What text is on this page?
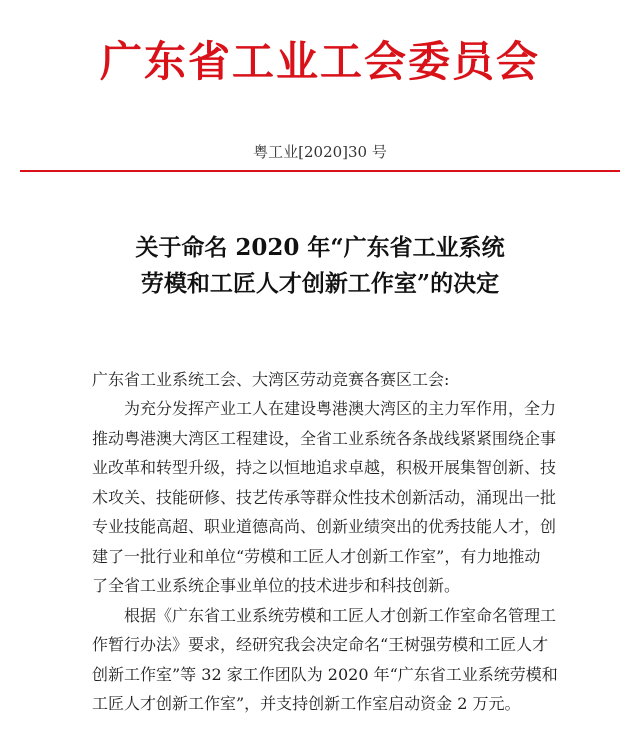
广东省工业工会委员会
粤工业[2020]30 号
关于命名 2020 年“广东省工业系统
劳模和工匠人才创新工作室”的决定
广东省工业系统工会、大湾区劳动竞赛各赛区工会:
为充分发挥产业工人在建设粤港澳大湾区的主力军作用，全力
推动粤港澳大湾区工程建设，全省工业系统各条战线紧紧围绕企事
业改革和转型升级，持之以恒地追求卓越，积极开展集智创新、技
术攻关、技能研修、技艺传承等群众性技术创新活动，涌现出一批
专业技能高超、职业道德高尚、创新业绩突出的优秀技能人才，创
建了一批行业和单位“劳模和工匠人才创新工作室”，有力地推动
了全省工业系统企事业单位的技术进步和科技创新。
根据《广东省工业系统劳模和工匠人才创新工作室命名管理工
作暂行办法》要求，经研究我会决定命名“王树强劳模和工匠人才
创新工作室”等 32 家工作团队为 2020 年“广东省工业系统劳模和
工匠人才创新工作室”，并支持创新工作室启动资金 2 万元。
